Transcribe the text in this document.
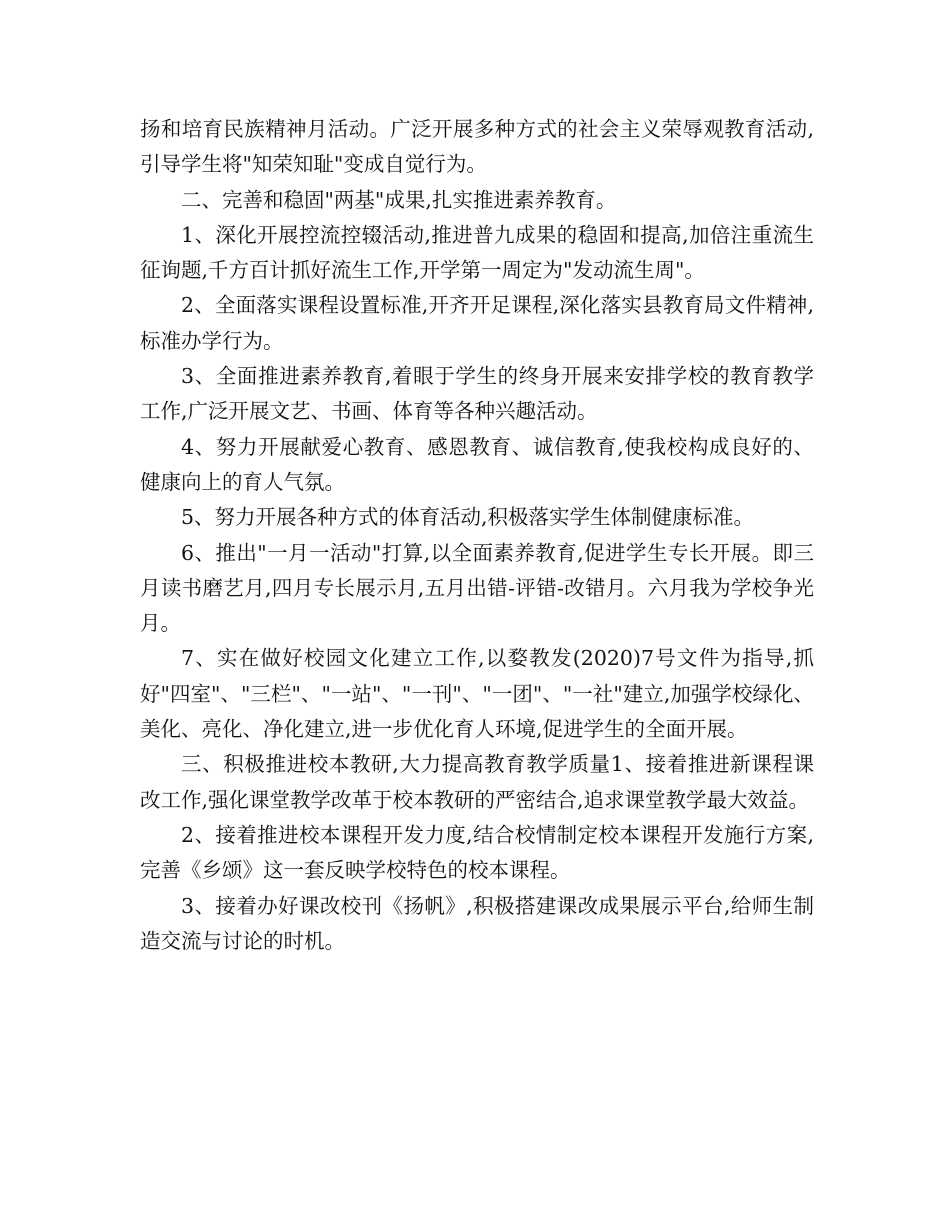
扬和培育民族精神月活动。广泛开展多种方式的社会主义荣辱观教育活动,引导学生将"知荣知耻"变成自觉行为。

二、完善和稳固"两基"成果,扎实推进素养教育。

1、深化开展控流控辍活动,推进普九成果的稳固和提高,加倍注重流生征询题,千方百计抓好流生工作,开学第一周定为"发动流生周"。

2、全面落实课程设置标准,开齐开足课程,深化落实县教育局文件精神,标准办学行为。

3、全面推进素养教育,着眼于学生的终身开展来安排学校的教育教学工作,广泛开展文艺、书画、体育等各种兴趣活动。

4、努力开展献爱心教育、感恩教育、诚信教育,使我校构成良好的、健康向上的育人气氛。

5、努力开展各种方式的体育活动,积极落实学生体制健康标准。

6、推出"一月一活动"打算,以全面素养教育,促进学生专长开展。即三月读书磨艺月,四月专长展示月,五月出错-评错-改错月。六月我为学校争光月。

7、实在做好校园文化建立工作,以婺教发(2020)7号文件为指导,抓好"四室"、"三栏"、"一站"、"一刊"、"一团"、"一社"建立,加强学校绿化、美化、亮化、净化建立,进一步优化育人环境,促进学生的全面开展。

三、积极推进校本教研,大力提高教育教学质量1、接着推进新课程课改工作,强化课堂教学改革于校本教研的严密结合,追求课堂教学最大效益。

2、接着推进校本课程开发力度,结合校情制定校本课程开发施行方案,完善《乡颂》这一套反映学校特色的校本课程。

3、接着办好课改校刊《扬帆》,积极搭建课改成果展示平台,给师生制造交流与讨论的时机。
